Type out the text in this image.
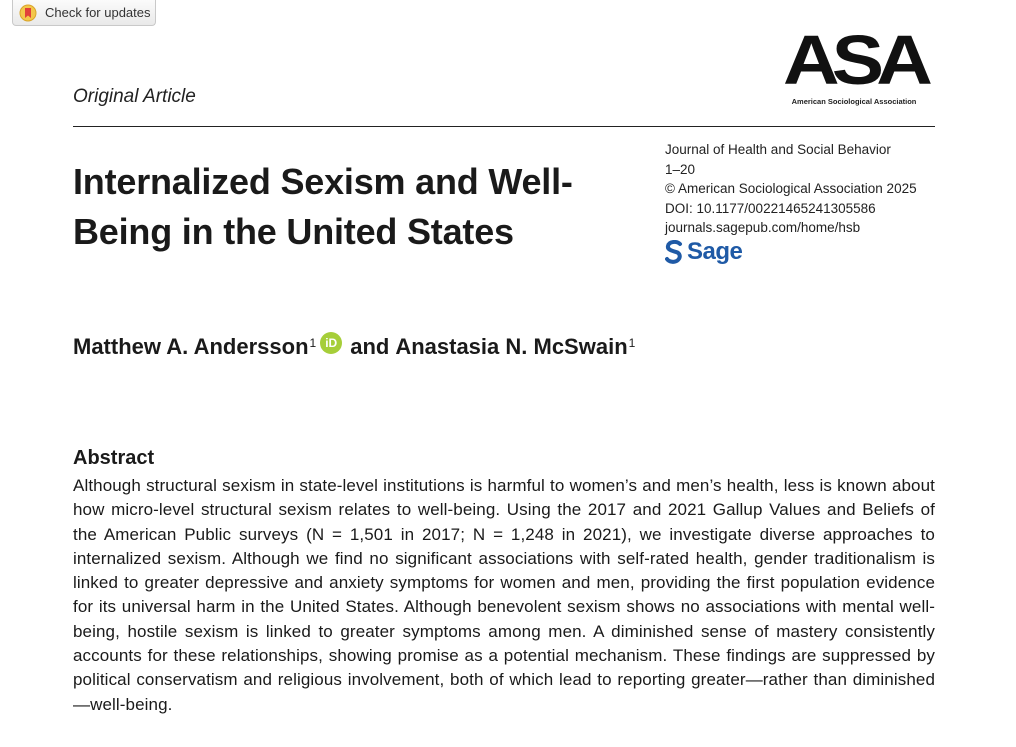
Check for updates
ASA
American Sociological Association
Original Article
Journal of Health and Social Behavior
1–20
© American Sociological Association 2025
DOI: 10.1177/00221465241305586
journals.sagepub.com/home/hsb
Sage
Internalized Sexism and Well-Being in the United States
Matthew A. Andersson 1 iD and Anastasia N. McSwain 1
Abstract

Although structural sexism in state-level institutions is harmful to women’s and men’s health, less is known about how micro-level structural sexism relates to well-being. Using the 2017 and 2021 Gallup Values and Beliefs of the American Public surveys (N = 1,501 in 2017; N = 1,248 in 2021), we investigate diverse approaches to internalized sexism. Although we find no significant associations with self-rated health, gender traditionalism is linked to greater depressive and anxiety symptoms for women and men, providing the first population evidence for its universal harm in the United States. Although benevolent sexism shows no associations with mental well-being, hostile sexism is linked to greater symptoms among men. A diminished sense of mastery consistently accounts for these relationships, showing promise as a potential mechanism. These findings are suppressed by political conservatism and religious involvement, both of which lead to reporting greater—rather than diminished—well-being.
